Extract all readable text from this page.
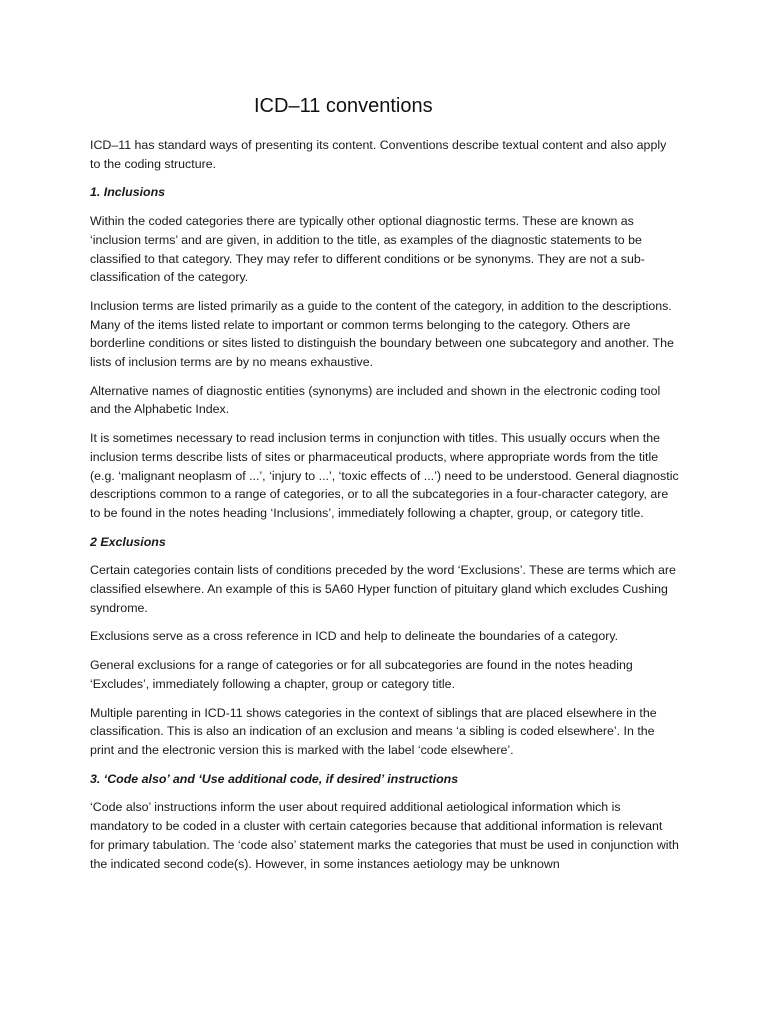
ICD–11 conventions

ICD–11 has standard ways of presenting its content. Conventions describe textual content and also apply to the coding structure.

1. Inclusions

Within the coded categories there are typically other optional diagnostic terms. These are known as ‘inclusion terms’ and are given, in addition to the title, as examples of the diagnostic statements to be classified to that category. They may refer to different conditions or be synonyms. They are not a sub-classification of the category.

Inclusion terms are listed primarily as a guide to the content of the category, in addition to the descriptions. Many of the items listed relate to important or common terms belonging to the category. Others are borderline conditions or sites listed to distinguish the boundary between one subcategory and another. The lists of inclusion terms are by no means exhaustive.

Alternative names of diagnostic entities (synonyms) are included and shown in the electronic coding tool and the Alphabetic Index.

It is sometimes necessary to read inclusion terms in conjunction with titles. This usually occurs when the inclusion terms describe lists of sites or pharmaceutical products, where appropriate words from the title (e.g. ‘malignant neoplasm of ...’, ‘injury to ...’, ‘toxic effects of ...’) need to be understood. General diagnostic descriptions common to a range of categories, or to all the subcategories in a four-character category, are to be found in the notes heading ‘Inclusions’, immediately following a chapter, group, or category title.

2 Exclusions

Certain categories contain lists of conditions preceded by the word ‘Exclusions’. These are terms which are classified elsewhere. An example of this is 5A60 Hyper function of pituitary gland which excludes Cushing syndrome.

Exclusions serve as a cross reference in ICD and help to delineate the boundaries of a category.

General exclusions for a range of categories or for all subcategories are found in the notes heading ‘Excludes’, immediately following a chapter, group or category title.

Multiple parenting in ICD-11 shows categories in the context of siblings that are placed elsewhere in the classification. This is also an indication of an exclusion and means ‘a sibling is coded elsewhere’. In the print and the electronic version this is marked with the label ‘code elsewhere’.

3. ‘Code also’ and ‘Use additional code, if desired’ instructions

‘Code also’ instructions inform the user about required additional aetiological information which is mandatory to be coded in a cluster with certain categories because that additional information is relevant for primary tabulation. The ‘code also’ statement marks the categories that must be used in conjunction with the indicated second code(s). However, in some instances aetiology may be unknown
